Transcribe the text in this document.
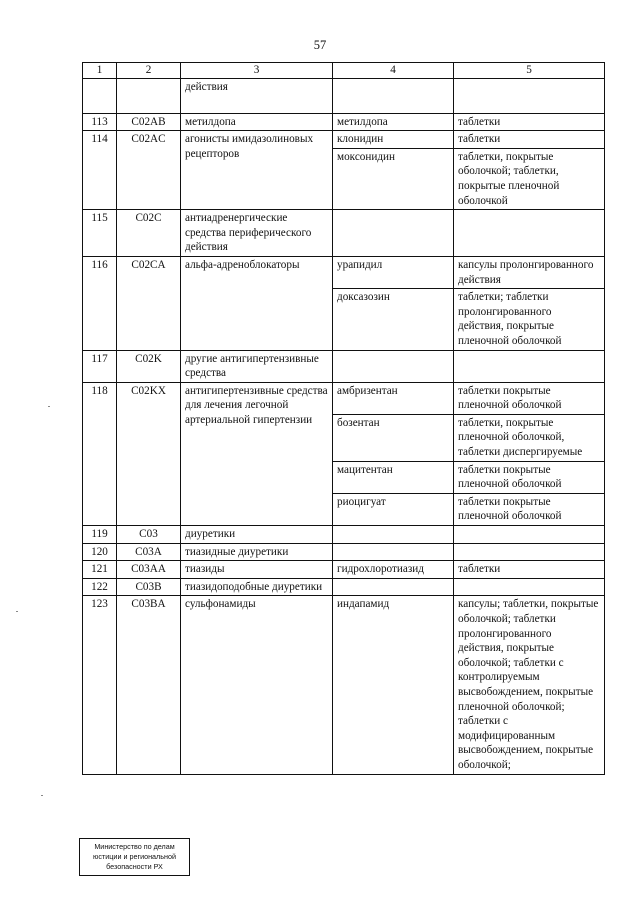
57
1	2	3	4	5
		действия		
113	C02AB	метилдопа	метилдопа	таблетки
114	C02AC	агонисты имидазолиновых рецепторов	клонидин	таблетки
			моксонидин	таблетки, покрытые оболочкой; таблетки, покрытые пленочной оболочкой
115	C02C	антиадренергические средства периферического действия		
116	C02CA	альфа-адреноблокаторы	урапидил	капсулы пролонгированного действия
			доксазозин	таблетки; таблетки пролонгированного действия, покрытые пленочной оболочкой
117	C02K	другие антигипертензивные средства		
118	C02KX	антигипертензивные средства для лечения легочной артериальной гипертензии	амбризентан	таблетки покрытые пленочной оболочкой
			бозентан	таблетки, покрытые пленочной оболочкой, таблетки диспергируемые
			мацитентан	таблетки покрытые пленочной оболочкой
			риоцигуат	таблетки покрытые пленочной оболочкой
119	C03	диуретики		
120	C03A	тиазидные диуретики		
121	C03AA	тиазиды	гидрохлоротиазид	таблетки
122	C03B	тиазидоподобные диуретики		
123	C03BA	сульфонамиды	индапамид	капсулы; таблетки, покрытые оболочкой; таблетки пролонгированного действия, покрытые оболочкой; таблетки с контролируемым высвобождением, покрытые пленочной оболочкой; таблетки с модифицированным высвобождением, покрытые оболочкой;
Министерство по делам
юстиции и региональной
безопасности РХ
